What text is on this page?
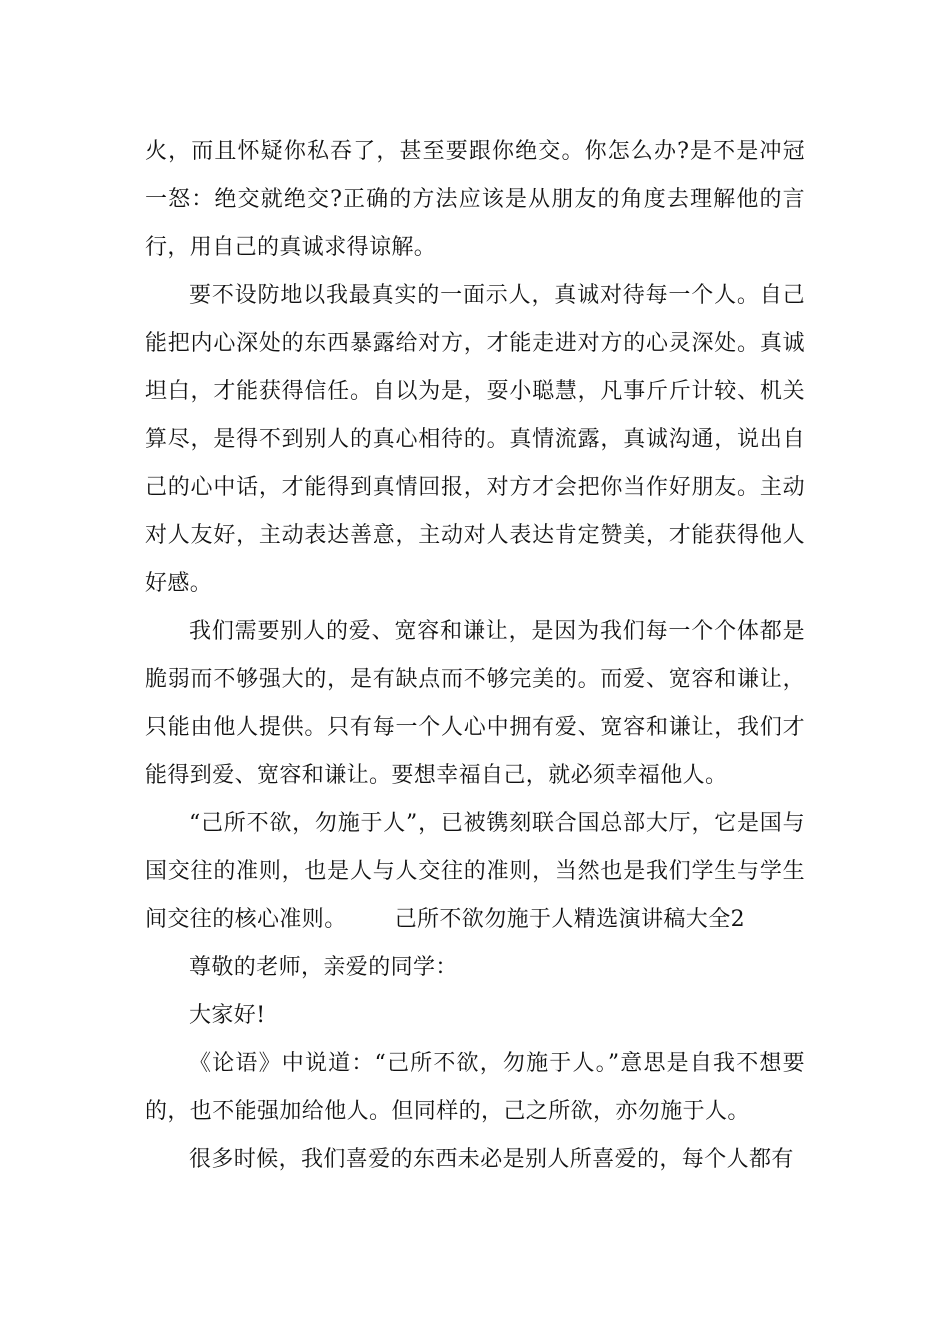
火，而且怀疑你私吞了，甚至要跟你绝交。你怎么办?是不是冲冠一怒：绝交就绝交?正确的方法应该是从朋友的角度去理解他的言行，用自己的真诚求得谅解。

要不设防地以我最真实的一面示人，真诚对待每一个人。自己能把内心深处的东西暴露给对方，才能走进对方的心灵深处。真诚坦白，才能获得信任。自以为是，耍小聪慧，凡事斤斤计较、机关算尽，是得不到别人的真心相待的。真情流露，真诚沟通，说出自己的心中话，才能得到真情回报，对方才会把你当作好朋友。主动对人友好，主动表达善意，主动对人表达肯定赞美，才能获得他人好感。

我们需要别人的爱、宽容和谦让，是因为我们每一个个体都是脆弱而不够强大的，是有缺点而不够完美的。而爱、宽容和谦让，只能由他人提供。只有每一个人心中拥有爱、宽容和谦让，我们才能得到爱、宽容和谦让。要想幸福自己，就必须幸福他人。

“己所不欲，勿施于人”，已被镌刻联合国总部大厅，它是国与国交往的准则，也是人与人交往的准则，当然也是我们学生与学生间交往的核心准则。 己所不欲勿施于人精选演讲稿大全2

尊敬的老师，亲爱的同学：

大家好!

《论语》中说道：“己所不欲，勿施于人。”意思是自我不想要的，也不能强加给他人。但同样的，己之所欲，亦勿施于人。

很多时候，我们喜爱的东西未必是别人所喜爱的，每个人都有
